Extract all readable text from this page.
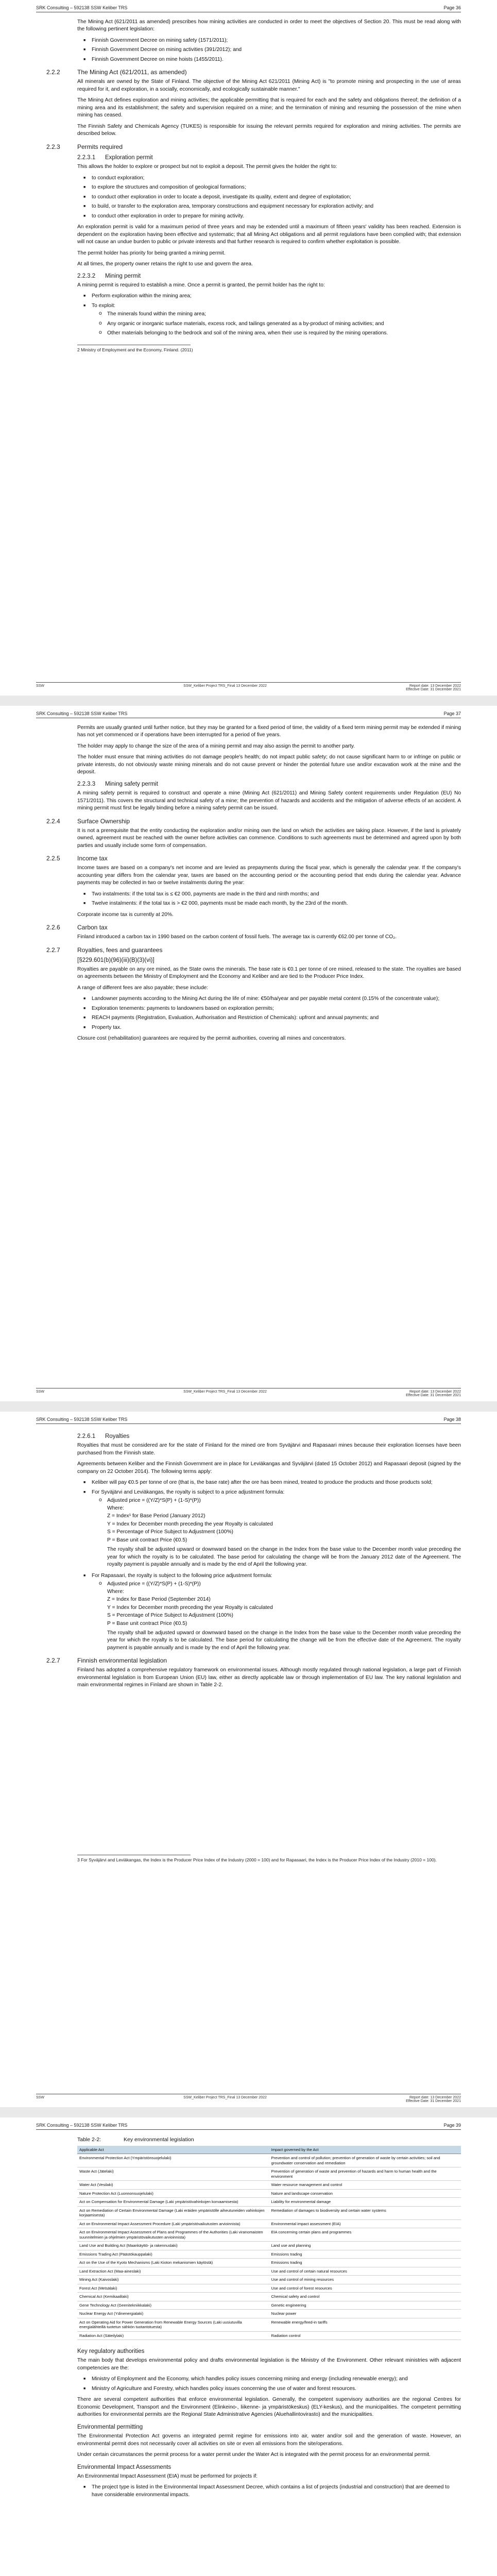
SRK Consulting – 592138 SSW Keliber TRS	Page 36

The Mining Act (621/2011 as amended) prescribes how mining activities are conducted in order to meet the objectives of Section 20. This must be read along with the following pertinent legislation:

■ Finnish Government Decree on mining safety (1571/2011);
■ Finnish Government Decree on mining activities (391/2012); and
■ Finnish Government Decree on mine hoists (1455/2011).
2.2.2	The Mining Act (621/2011, as amended)

All minerals are owned by the State of Finland. The objective of the Mining Act 621/2011 (Mining Act) is "to promote mining and prospecting in the use of areas required for it, and exploration, in a socially, economically, and ecologically sustainable manner."

The Mining Act defines exploration and mining activities; the applicable permitting that is required for each and the safety and obligations thereof; the definition of a mining area and its establishment; the safety and supervision required on a mine; and the termination of mining and resuming the possession of the mine when mining has ceased.

The Finnish Safety and Chemicals Agency (TUKES) is responsible for issuing the relevant permits required for exploration and mining activities. The permits are described below.

2.2.3	Permits required
2.2.3.1	Exploration permit

This allows the holder to explore or prospect but not to exploit a deposit. The permit gives the holder the right to:

■ to conduct exploration;
■ to explore the structures and composition of geological formations;
■ to conduct other exploration in order to locate a deposit, investigate its quality, extent and degree of exploitation;
■ to build, or transfer to the exploration area, temporary constructions and equipment necessary for exploration activity; and
■ to conduct other exploration in order to prepare for mining activity.

An exploration permit is valid for a maximum period of three years and may be extended until a maximum of fifteen years' validity has been reached. Extension is dependent on the exploration having been effective and systematic; that all Mining Act obligations and all permit regulations have been complied with; that extension will not cause an undue burden to public or private interests and that further research is required to confirm whether exploitation is possible.

The permit holder has priority for being granted a mining permit.

At all times, the property owner retains the right to use and govern the area.

2.2.3.2	Mining permit

A mining permit is required to establish a mine. Once a permit is granted, the permit holder has the right to:

■ Perform exploration within the mining area;
■ To exploit:
o The minerals found within the mining area;
o Any organic or inorganic surface materials, excess rock, and tailings generated as a by-product of mining activities; and
o Other materials belonging to the bedrock and soil of the mining area, when their use is required by the mining operations.
2 Ministry of Employment and the Economy, Finland. (2011)
SSW	SSW_Keliber Project TRS_Final 13 December 2022	Report date: 13 December 2022
Effective Date: 31 December 2021
SRK Consulting – 592138 SSW Keliber TRS	Page 37

Permits are usually granted until further notice, but they may be granted for a fixed period of time, the validity of a fixed term mining permit may be extended if mining has not yet commenced or if operations have been interrupted for a period of five years.

The holder may apply to change the size of the area of a mining permit and may also assign the permit to another party.

The holder must ensure that mining activities do not damage people's health; do not impact public safety; do not cause significant harm to or infringe on public or private interests, do not obviously waste mining minerals and do not cause prevent or hinder the potential future use and/or excavation work at the mine and the deposit.

2.2.3.3	Mining safety permit

A mining safety permit is required to construct and operate a mine (Mining Act (621/2011) and Mining Safety content requirements under Regulation (EU) No 1571/2011). This covers the structural and technical safety of a mine; the prevention of hazards and accidents and the mitigation of adverse effects of an accident. A mining permit must first be legally binding before a mining safety permit can be issued.

2.2.4	Surface Ownership

It is not a prerequisite that the entity conducting the exploration and/or mining own the land on which the activities are taking place. However, if the land is privately owned, agreement must be reached with the owner before activities can commence. Conditions to such agreements must be determined and agreed upon by both parties and usually include some form of compensation.

2.2.5	Income tax

Income taxes are based on a company's net income and are levied as prepayments during the fiscal year, which is generally the calendar year. If the company's accounting year differs from the calendar year, taxes are based on the accounting period or the accounting period that ends during the calendar year. Advance payments may be collected in two or twelve instalments during the year:

■ Two instalments: if the total tax is ≤ €2 000, payments are made in the third and ninth months; and
■ Twelve instalments: if the total tax is > €2 000, payments must be made each month, by the 23rd of the month.

Corporate income tax is currently at 20%.

2.2.6	Carbon tax

Finland introduced a carbon tax in 1990 based on the carbon content of fossil fuels. The average tax is currently €62.00 per tonne of CO₂.

2.2.7	Royalties, fees and guarantees
[§229.601(b)(96)(iii)(B)(3)(vi)]

Royalties are payable on any ore mined, as the State owns the minerals. The base rate is €0.1 per tonne of ore mined, released to the state. The royalties are based on agreements between the Ministry of Employment and the Economy and Keliber and are tied to the Producer Price Index.

A range of different fees are also payable; these include:

■ Landowner payments according to the Mining Act during the life of mine: €50/ha/year and per payable metal content (0.15% of the concentrate value);
■ Exploration tenements: payments to landowners based on exploration permits;
■ REACH payments (Registration, Evaluation, Authorisation and Restriction of Chemicals): upfront and annual payments; and
■ Property tax.

Closure cost (rehabilitation) guarantees are required by the permit authorities, covering all mines and concentrators.

SSW	SSW_Keliber Project TRS_Final 13 December 2022	Report date: 13 December 2022
Effective Date: 31 December 2021
SRK Consulting – 592138 SSW Keliber TRS	Page 38
2.2.6.1	Royalties

Royalties that must be considered are for the state of Finland for the mined ore from Syväjärvi and Rapasaari mines because their exploration licenses have been purchased from the Finnish state.

Agreements between Keliber and the Finnish Government are in place for Leviäkangas and Syväjärvi (dated 15 October 2012) and Rapasaari deposit (signed by the company on 22 October 2014). The following terms apply:

■ Keliber will pay €0.5 per tonne of ore (that is, the base rate) after the ore has been mined, treated to produce the products and those products sold;
■ For Syväjärvi and Leviäkangas, the royalty is subject to a price adjustment formula:
o Adjusted price = ((Y/Z)*S(P) + (1-S)*(P))

Where:

Z = Index¹ for Base Period (January 2012)

Y = Index for December month preceding the year Royalty is calculated

S = Percentage of Price Subject to Adjustment (100%)

P = Base unit contract Price (€0.5)

The royalty shall be adjusted upward or downward based on the change in the Index from the base value to the December month value preceding the year for which the royalty is to be calculated. The base period for calculating the change will be from the January 2012 date of the Agreement. The royalty payment is payable annually and is made by the end of April the following year.

■ For Rapasaari, the royalty is subject to the following price adjustment formula:
o Adjusted price = ((Y/Z)*S(P) + (1-S)*(P))

Where:

Z = Index for Base Period (September 2014)

Y = Index for December month preceding the year Royalty is calculated

S = Percentage of Price Subject to Adjustment (100%)

P = Base unit contract Price (€0.5)

The royalty shall be adjusted upward or downward based on the change in the Index from the base value to the December month value preceding the year for which the royalty is to be calculated. The base period for calculating the change will be from the effective date of the Agreement. The royalty payment is payable annually and is made by the end of April the following year.

2.2.7	Finnish environmental legislation

Finland has adopted a comprehensive regulatory framework on environmental issues. Although mostly regulated through national legislation, a large part of Finnish environmental legislation is from European Union (EU) law, either as directly applicable law or through implementation of EU law. The key national legislation and main environmental regimes in Finland are shown in Table 2-2.

3 For Syväjärvi and Leviäkangas, the Index is the Producer Price Index of the Industry (2000 = 100) and for Rapasaari, the Index is the Producer Price Index of the Industry (2010 = 100).
SSW	SSW_Keliber Project TRS_Final 13 December 2022	Report date: 13 December 2022
Effective Date: 31 December 2021
SRK Consulting – 592138 SSW Keliber TRS	Page 39
Table 2-2:	Key environmental legislation
Applicable Act	Impact governed by the Act
Environmental Protection Act (Ympäristönsuojelulaki)	Prevention and control of pollution; prevention of generation of waste by certain activities; soil and groundwater conservation and remediation
Waste Act (Jätelaki)	Prevention of generation of waste and prevention of hazards and harm to human health and the environment
Water Act (Vesilaki)	Water resource management and control
Nature Protection Act (Luonnonsuojelulaki)	Nature and landscape conservation
Act on Compensation for Environmental Damage (Laki ympäristövahinkojen korvaamisesta)	Liability for environmental damage
Act on Remediation of Certain Environmental Damage (Laki eräiden ympäristölle aiheutuneiden vahinkojen korjaamisesta)	Remediation of damages to biodiversity and certain water systems
Act on Environmental Impact Assessment Procedure (Laki ympäristövaikutusten arvioinnista)	Environmental impact assessment (EIA)
Act on Environmental Impact Assessment of Plans and Programmes of the Authorities (Laki viranomaisten suunnitelmien ja ohjelmien ympäristövaikutusten arvioinnista)	EIA concerning certain plans and programmes
Land Use and Building Act (Maankäyttö- ja rakennuslaki)	Land use and planning
Emissions Trading Act (Päästökauppalaki)	Emissions trading
Act on the Use of the Kyoto Mechanisms (Laki Kioton mekanismien käytöstä)	Emissions trading
Land Extraction Act (Maa-aineslaki)	Use and control of certain natural resources
Mining Act (Kaivoslaki)	Use and control of mining resources
Forest Act (Metsälaki)	Use and control of forest resources
Chemical Act (Kemikaalilaki)	Chemical safety and control
Gene Technology Act (Geenitekniikkalaki)	Genetic engineering
Nuclear Energy Act (Ydinenergialaki)	Nuclear power
Act on Operating Aid for Power Generation from Renewable Energy Sources (Laki uusiutuvilla energialähteillä tuotetun sähkön tuotantotuesta)	Renewable energy/feed-in tariffs
Radiation Act (Säteilylaki)	Radiation control
Key regulatory authorities

The main body that develops environmental policy and drafts environmental legislation is the Ministry of the Environment. Other relevant ministries with adjacent competencies are the:

■ Ministry of Employment and the Economy, which handles policy issues concerning mining and energy (including renewable energy); and
■ Ministry of Agriculture and Forestry, which handles policy issues concerning the use of water and forest resources.

There are several competent authorities that enforce environmental legislation. Generally, the competent supervisory authorities are the regional Centres for Economic Development, Transport and the Environment (Elinkeino-, liikenne- ja ympäristökeskus) (ELY-keskus), and the municipalities. The competent permitting authorities for environmental permits are the Regional State Administrative Agencies (Aluehallintovirasto) and the municipalities.

Environmental permitting

The Environmental Protection Act governs an integrated permit regime for emissions into air, water and/or soil and the generation of waste. However, an environmental permit does not necessarily cover all activities on site or even all emissions from the site/operations.

Under certain circumstances the permit process for a water permit under the Water Act is integrated with the permit process for an environmental permit.

Environmental Impact Assessments

An Environmental Impact Assessment (EIA) must be performed for projects if:

■ The project type is listed in the Environmental Impact Assessment Decree, which contains a list of projects (industrial and construction) that are deemed to have considerable environmental impacts.
